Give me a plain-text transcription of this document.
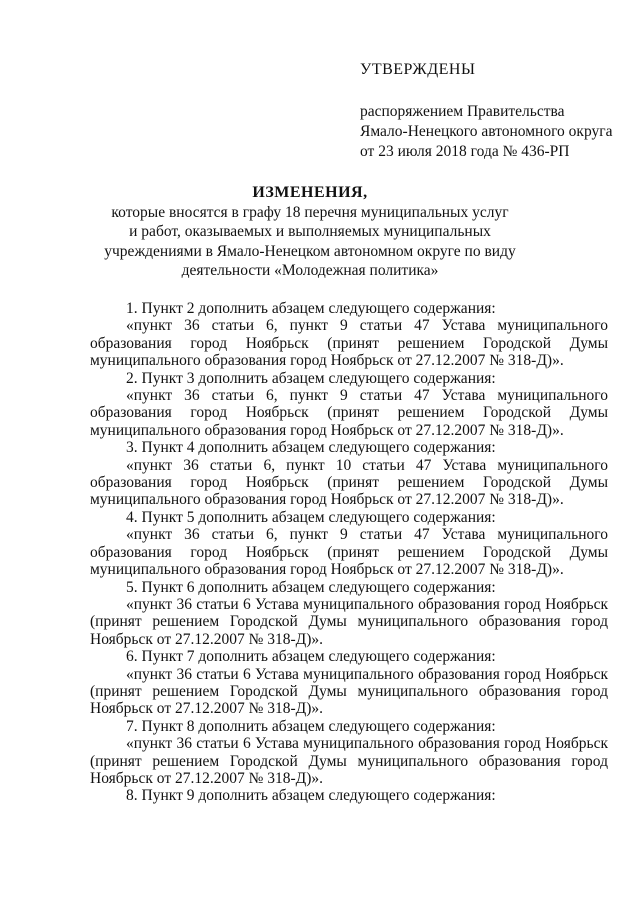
УТВЕРЖДЕНЫ
распоряжением Правительства
Ямало-Ненецкого автономного округа
от 23 июля 2018 года № 436-РП
ИЗМЕНЕНИЯ,
которые вносятся в графу 18 перечня муниципальных услуг
и работ, оказываемых и выполняемых муниципальных
учреждениями в Ямало-Ненецком автономном округе по виду
деятельности «Молодежная политика»

1. Пункт 2 дополнить абзацем следующего содержания:

«пункт 36 статьи 6, пункт 9 статьи 47 Устава муниципального образования город Ноябрьск (принят решением Городской Думы муниципального образования город Ноябрьск от 27.12.2007 № 318-Д)».

2. Пункт 3 дополнить абзацем следующего содержания:

«пункт 36 статьи 6, пункт 9 статьи 47 Устава муниципального образования город Ноябрьск (принят решением Городской Думы муниципального образования город Ноябрьск от 27.12.2007 № 318-Д)».

3. Пункт 4 дополнить абзацем следующего содержания:

«пункт 36 статьи 6, пункт 10 статьи 47 Устава муниципального образования город Ноябрьск (принят решением Городской Думы муниципального образования город Ноябрьск от 27.12.2007 № 318-Д)».

4. Пункт 5 дополнить абзацем следующего содержания:

«пункт 36 статьи 6, пункт 9 статьи 47 Устава муниципального образования город Ноябрьск (принят решением Городской Думы муниципального образования город Ноябрьск от 27.12.2007 № 318-Д)».

5. Пункт 6 дополнить абзацем следующего содержания:

«пункт 36 статьи 6 Устава муниципального образования город Ноябрьск (принят решением Городской Думы муниципального образования город Ноябрьск от 27.12.2007 № 318-Д)».

6. Пункт 7 дополнить абзацем следующего содержания:

«пункт 36 статьи 6 Устава муниципального образования город Ноябрьск (принят решением Городской Думы муниципального образования город Ноябрьск от 27.12.2007 № 318-Д)».

7. Пункт 8 дополнить абзацем следующего содержания:

«пункт 36 статьи 6 Устава муниципального образования город Ноябрьск (принят решением Городской Думы муниципального образования город Ноябрьск от 27.12.2007 № 318-Д)».

8. Пункт 9 дополнить абзацем следующего содержания:
